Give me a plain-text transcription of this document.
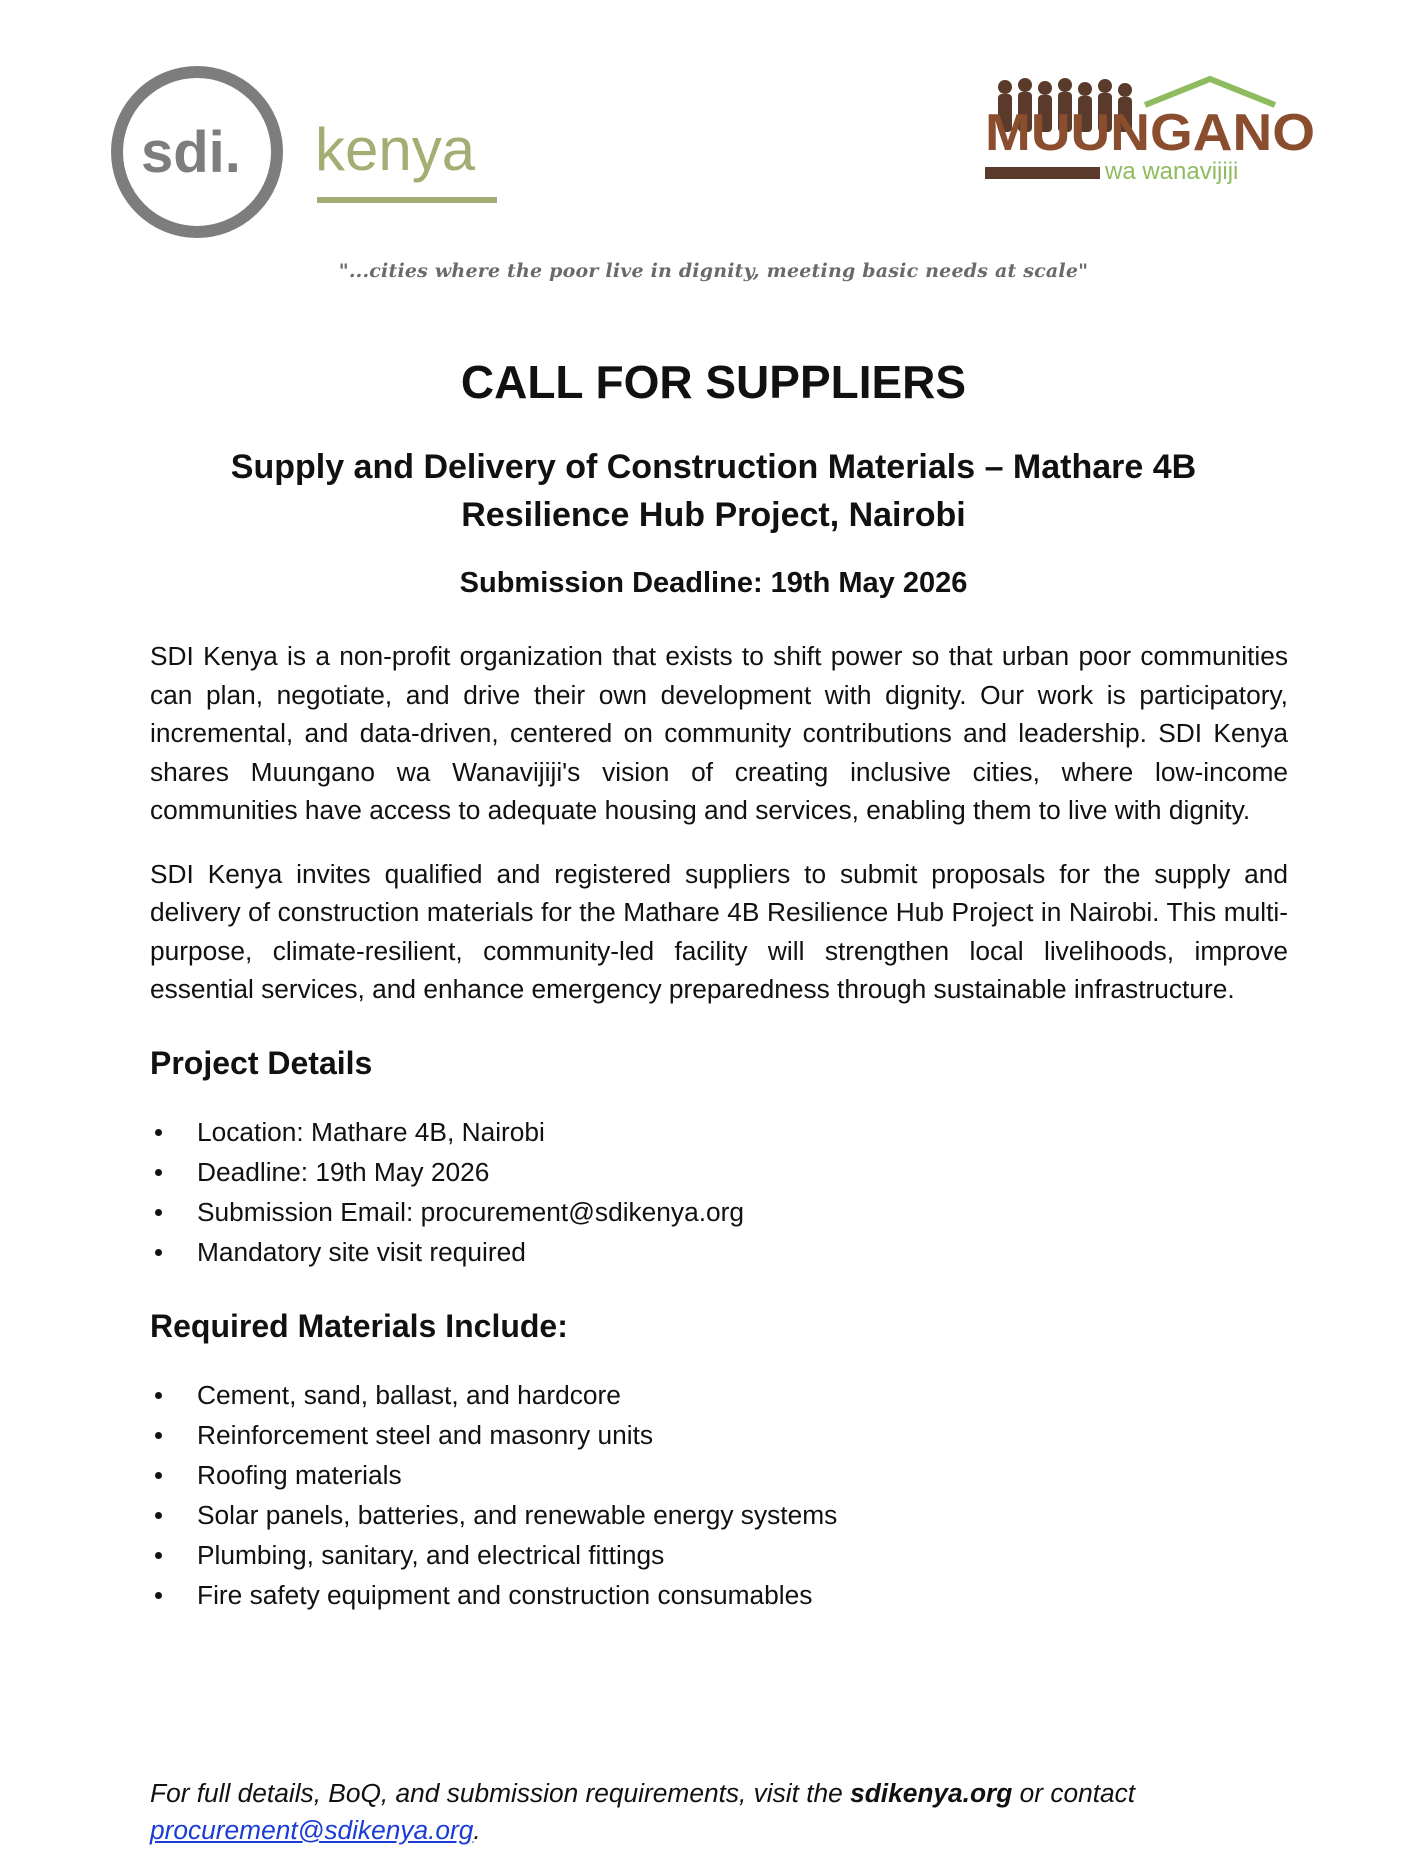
sdi. kenya	MUUNGANO
wa wanavijiji
"...cities where the poor live in dignity, meeting basic needs at scale"
CALL FOR SUPPLIERS
Supply and Delivery of Construction Materials – Mathare 4B Resilience Hub Project, Nairobi
Submission Deadline: 19th May 2026

SDI Kenya is a non-profit organization that exists to shift power so that urban poor communities can plan, negotiate, and drive their own development with dignity. Our work is participatory, incremental, and data-driven, centered on community contributions and leadership. SDI Kenya shares Muungano wa Wanavijiji's vision of creating inclusive cities, where low-income communities have access to adequate housing and services, enabling them to live with dignity.

SDI Kenya invites qualified and registered suppliers to submit proposals for the supply and delivery of construction materials for the Mathare 4B Resilience Hub Project in Nairobi. This multi-purpose, climate-resilient, community-led facility will strengthen local livelihoods, improve essential services, and enhance emergency preparedness through sustainable infrastructure.

Project Details
Location: Mathare 4B, Nairobi
Deadline: 19th May 2026
Submission Email: procurement@sdikenya.org
Mandatory site visit required
Required Materials Include:
Cement, sand, ballast, and hardcore
Reinforcement steel and masonry units
Roofing materials
Solar panels, batteries, and renewable energy systems
Plumbing, sanitary, and electrical fittings
Fire safety equipment and construction consumables
For full details, BoQ, and submission requirements, visit the sdikenya.org or contact procurement@sdikenya.org.
